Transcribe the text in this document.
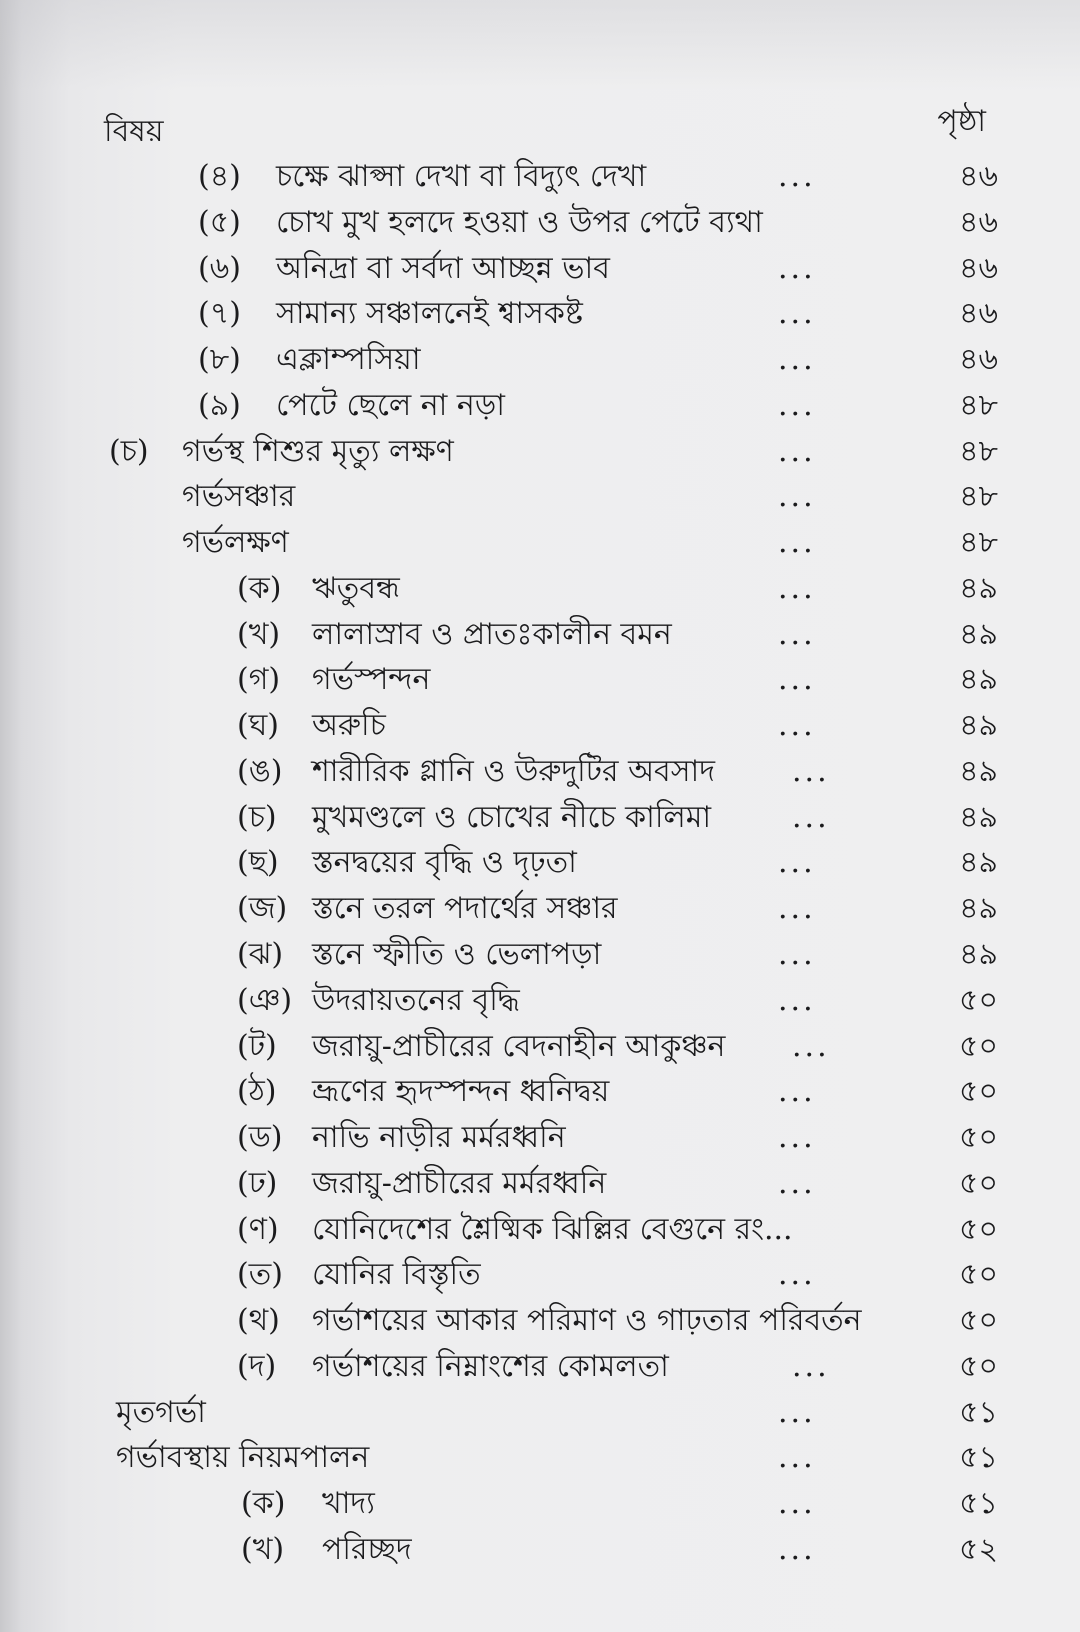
বিষয়	পৃষ্ঠা
(৪) চক্ষে ঝাপ্সা দেখা বা বিদ্যুৎ দেখা	...	৪৬
(৫) চোখ মুখ হলদে হওয়া ও উপর পেটে ব্যথা	৪৬
(৬) অনিদ্রা বা সর্বদা আচ্ছন্ন ভাব	...	৪৬
(৭) সামান্য সঞ্চালনেই শ্বাসকষ্ট	...	৪৬
(৮) এক্লাম্পসিয়া	...	৪৬
(৯) পেটে ছেলে না নড়া	...	৪৮
(চ) গর্ভস্থ শিশুর মৃত্যু লক্ষণ	...	৪৮
গর্ভসঞ্চার	...	৪৮
গর্ভলক্ষণ	...	৪৮
(ক) ঋতুবন্ধ	...	৪৯
(খ) লালাস্রাব ও প্রাতঃকালীন বমন	...	৪৯
(গ) গর্ভস্পন্দন	...	৪৯
(ঘ) অরুচি	...	৪৯
(ঙ) শারীরিক গ্লানি ও উরুদুটির অবসাদ	...	৪৯
(চ) মুখমণ্ডলে ও চোখের নীচে কালিমা	...	৪৯
(ছ) স্তনদ্বয়ের বৃদ্ধি ও দৃঢ়তা	...	৪৯
(জ) স্তনে তরল পদার্থের সঞ্চার	...	৪৯
(ঝ) স্তনে স্ফীতি ও ভেলাপড়া	...	৪৯
(ঞ) উদরায়তনের বৃদ্ধি	...	৫০
(ট) জরায়ু-প্রাচীরের বেদনাহীন আকুঞ্চন ...	৫০
(ঠ) ভ্রূণের হৃদস্পন্দন ধ্বনিদ্বয়	...	৫০
(ড) নাভি নাড়ীর মর্মরধ্বনি	...	৫০
(ঢ) জরায়ু-প্রাচীরের মর্মরধ্বনি	...	৫০
(ণ) যোনিদেশের শ্লৈষ্মিক ঝিল্লির বেগুনে রং...	৫০
(ত) যোনির বিস্তৃতি	...	৫০
(থ) গর্ভাশয়ের আকার পরিমাণ ও গাঢ়তার পরিবর্তন	৫০
(দ) গর্ভাশয়ের নিম্নাংশের কোমলতা	...	৫০
মৃতগর্ভা	...	৫১
গর্ভাবস্থায় নিয়মপালন	...	৫১
(ক) খাদ্য	...	৫১
(খ) পরিচ্ছদ	...	৫২
